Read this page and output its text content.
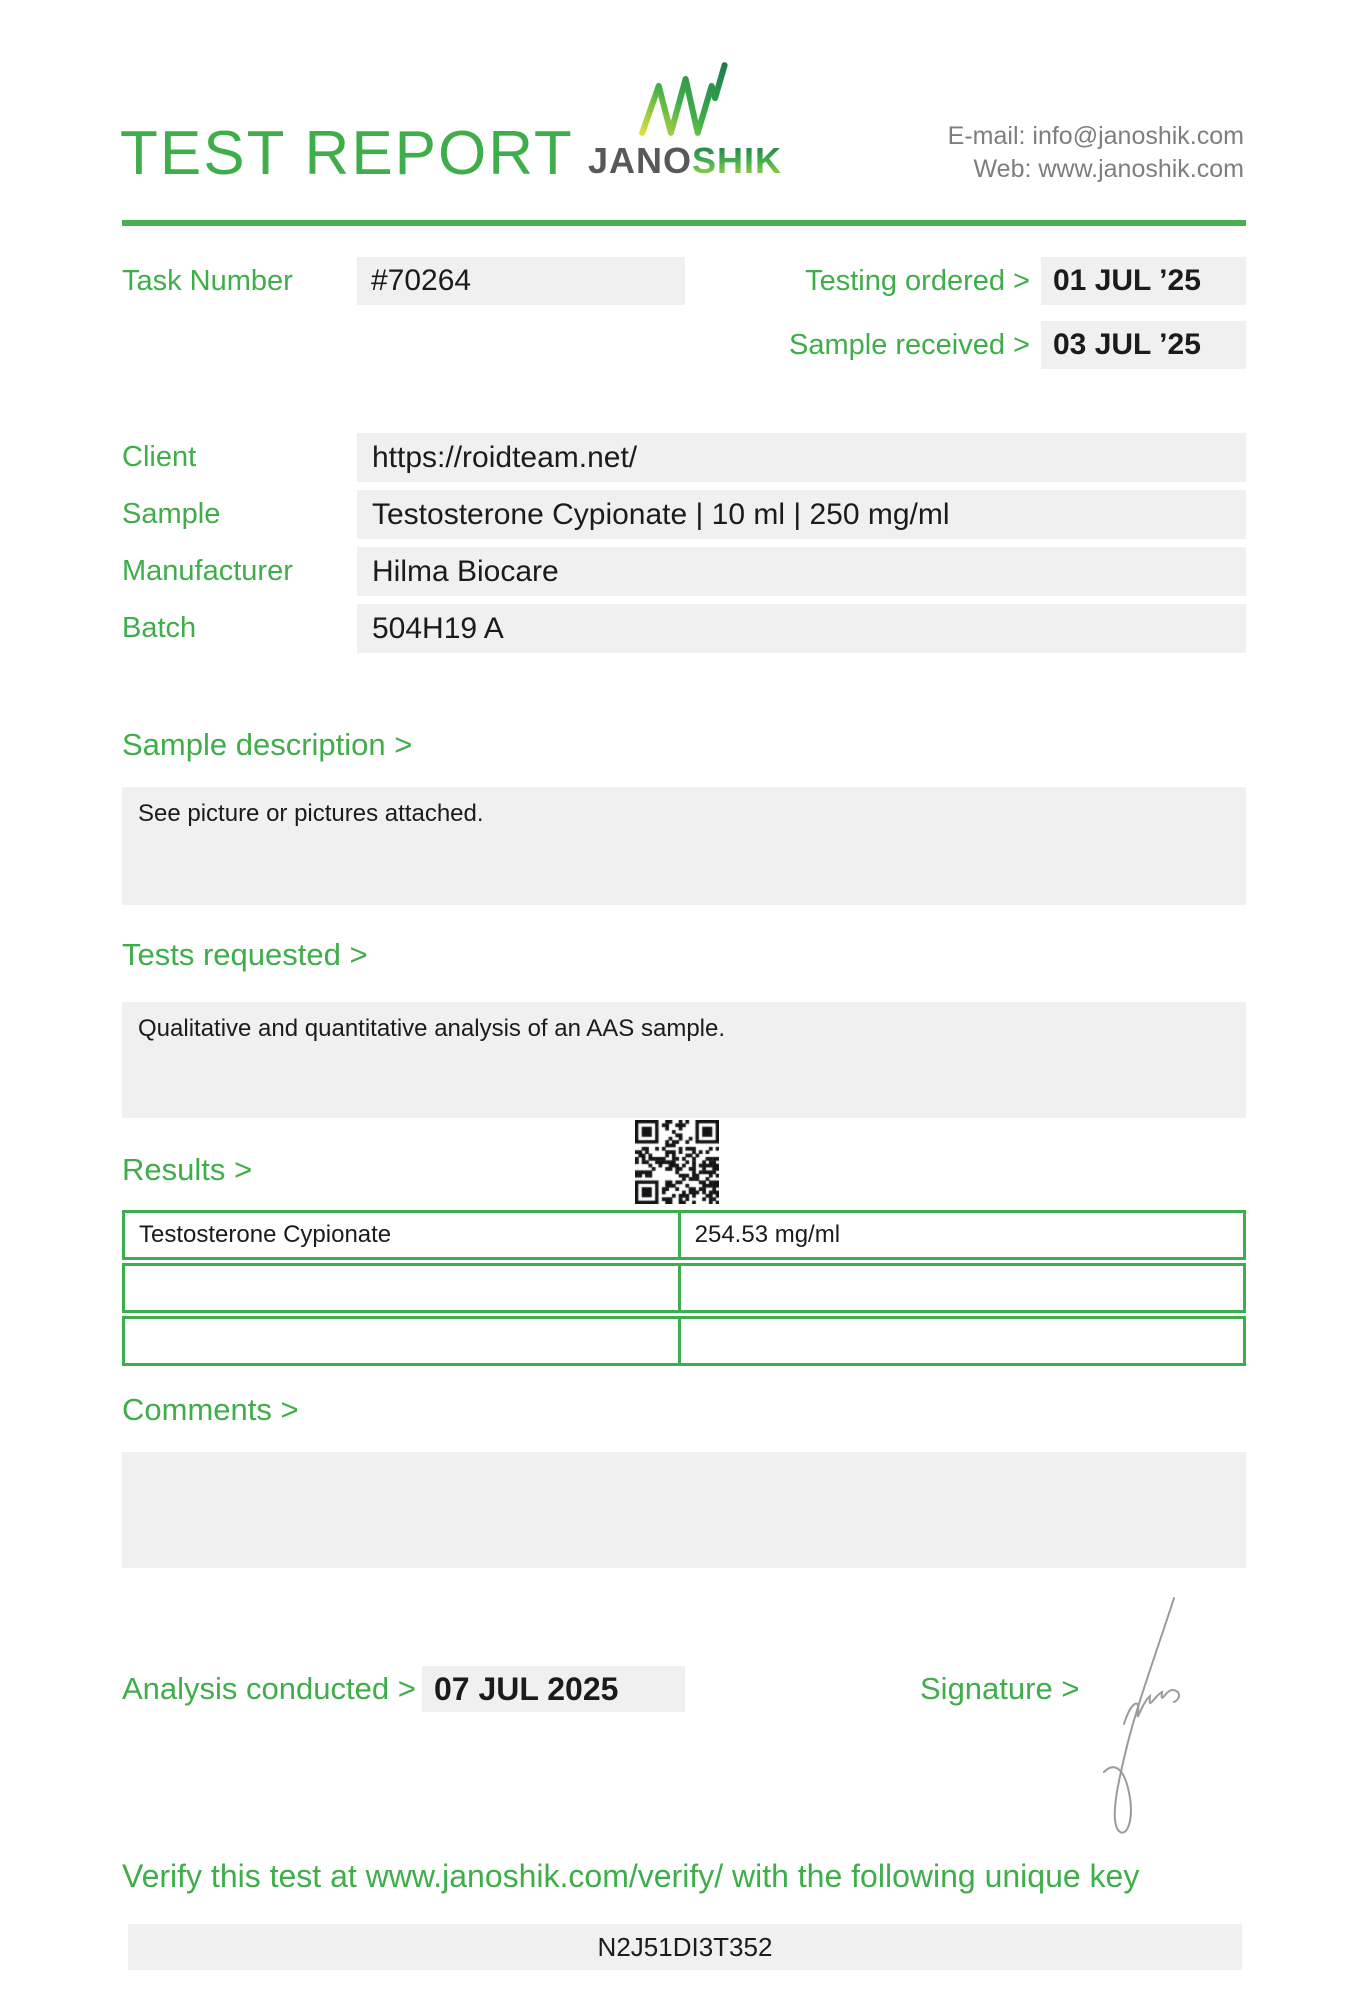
TEST REPORT JANOSHIK
E-mail: info@janoshik.com
Web: www.janoshik.com
Task Number	#70264	Testing ordered > 01 JUL ’25
Sample received > 03 JUL ’25
Client	https://roidteam.net/
Sample	Testosterone Cypionate | 10 ml | 250 mg/ml
Manufacturer	Hilma Biocare
Batch	504H19 A
Sample description >
See picture or pictures attached.
Tests requested >
Qualitative and quantitative analysis of an AAS sample.
Results >
Testosterone Cypionate	254.53 mg/ml
Comments >
Analysis conducted > 07 JUL 2025	Signature >
Verify this test at www.janoshik.com/verify/ with the following unique key
N2J51DI3T352
